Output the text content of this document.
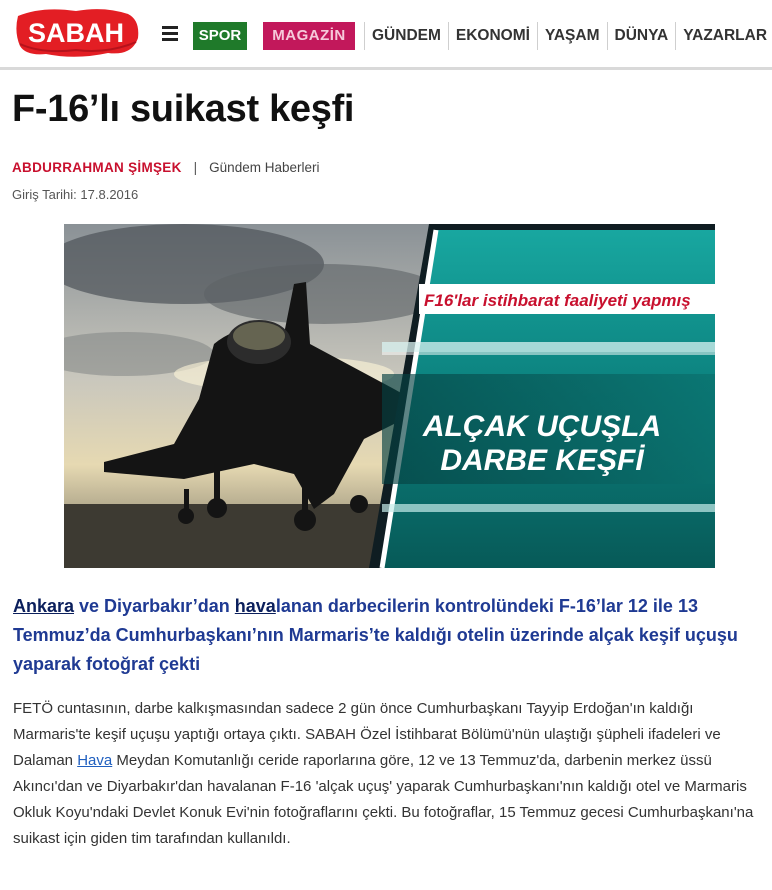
SABAH	SPOR	MAGAZİN	GÜNDEM EKONOMİ YAŞAM DÜNYA YAZARLAR
F-16’lı suikast keşfi
ABDURRAHMAN ŞİMŞEK | Gündem Haberleri
Giriş Tarihi: 17.8.2016
F16'lar istihbarat faaliyeti yapmış
ALÇAK UÇUŞLA
DARBE KEŞFİ

Ankara ve Diyarbakır’dan havalanan darbecilerin kontrolündeki F-16’lar 12 ile 13 Temmuz’da Cumhurbaşkanı’nın Marmaris’te kaldığı otelin üzerinde alçak keşif uçuşu yaparak fotoğraf çekti

FETÖ cuntasının, darbe kalkışmasından sadece 2 gün önce Cumhurbaşkanı Tayyip Erdoğan'ın kaldığı Marmaris'te keşif uçuşu yaptığı ortaya çıktı. SABAH Özel İstihbarat Bölümü'nün ulaştığı şüpheli ifadeleri ve Dalaman Hava Meydan Komutanlığı ceride raporlarına göre, 12 ve 13 Temmuz'da, darbenin merkez üssü Akıncı'dan ve Diyarbakır'dan havalanan F-16 'alçak uçuş' yaparak Cumhurbaşkanı'nın kaldığı otel ve Marmaris Okluk Koyu'ndaki Devlet Konuk Evi'nin fotoğraflarını çekti. Bu fotoğraflar, 15 Temmuz gecesi Cumhurbaşkanı'na suikast için giden tim tarafından kullanıldı.
